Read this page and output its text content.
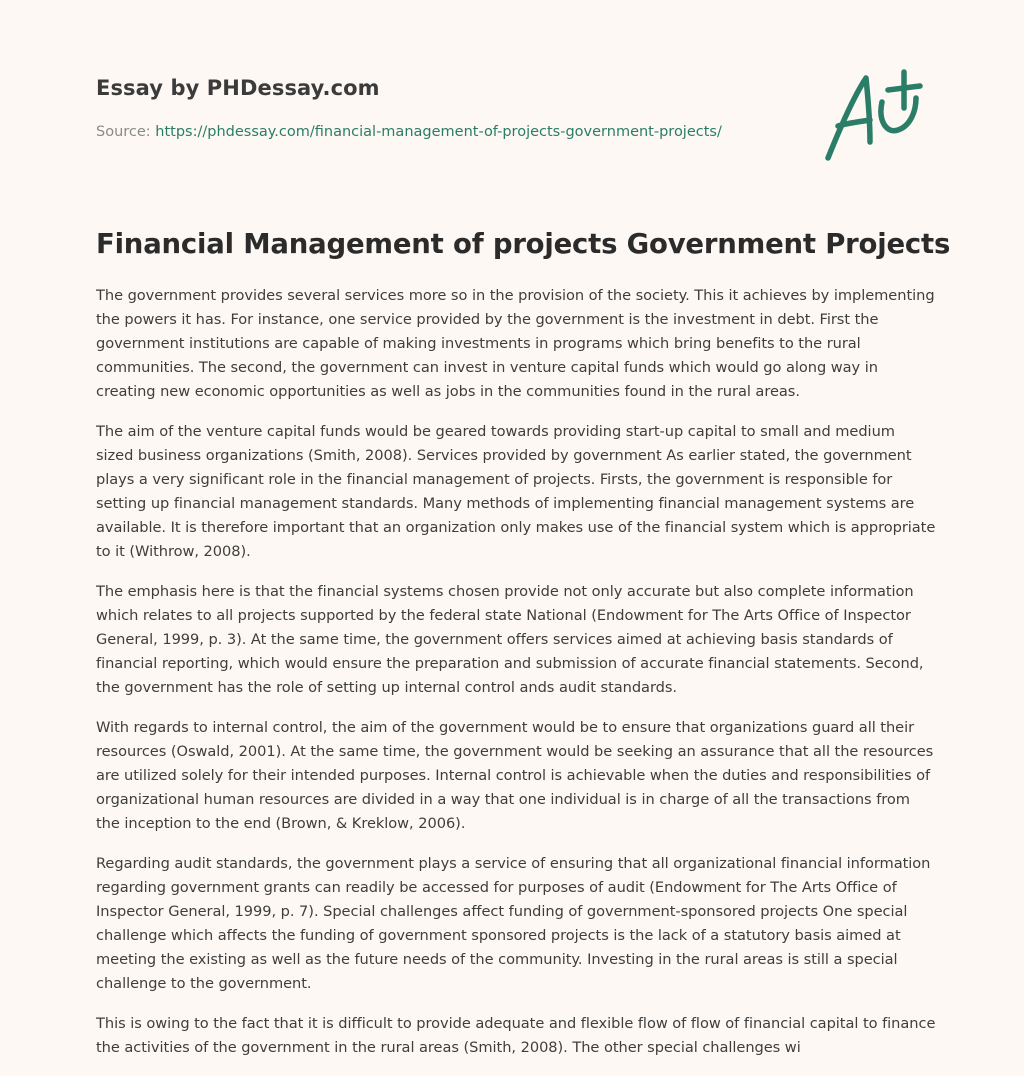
Essay by PHDessay.com
Source: https://phdessay.com/financial-management-of-projects-government-projects/
Financial Management of projects Government Projects

The government provides several services more so in the provision of the society. This it achieves by implementing the powers it has. For instance, one service provided by the government is the investment in debt. First the government institutions are capable of making investments in programs which bring benefits to the rural communities. The second, the government can invest in venture capital funds which would go along way in creating new economic opportunities as well as jobs in the communities found in the rural areas.

The aim of the venture capital funds would be geared towards providing start-up capital to small and medium sized business organizations (Smith, 2008). Services provided by government As earlier stated, the government plays a very significant role in the financial management of projects. Firsts, the government is responsible for setting up financial management standards. Many methods of implementing financial management systems are available. It is therefore important that an organization only makes use of the financial system which is appropriate to it (Withrow, 2008).

The emphasis here is that the financial systems chosen provide not only accurate but also complete information which relates to all projects supported by the federal state National (Endowment for The Arts Office of Inspector General, 1999, p. 3). At the same time, the government offers services aimed at achieving basis standards of financial reporting, which would ensure the preparation and submission of accurate financial statements. Second, the government has the role of setting up internal control ands audit standards.

With regards to internal control, the aim of the government would be to ensure that organizations guard all their resources (Oswald, 2001). At the same time, the government would be seeking an assurance that all the resources are utilized solely for their intended purposes. Internal control is achievable when the duties and responsibilities of organizational human resources are divided in a way that one individual is in charge of all the transactions from the inception to the end (Brown, & Kreklow, 2006).

Regarding audit standards, the government plays a service of ensuring that all organizational financial information regarding government grants can readily be accessed for purposes of audit (Endowment for The Arts Office of Inspector General, 1999, p. 7). Special challenges affect funding of government-sponsored projects One special challenge which affects the funding of government sponsored projects is the lack of a statutory basis aimed at meeting the existing as well as the future needs of the community. Investing in the rural areas is still a special challenge to the government.

This is owing to the fact that it is difficult to provide adequate and flexible flow of flow of financial capital to finance the activities of the government in the rural areas (Smith, 2008). The other special challenges wi
